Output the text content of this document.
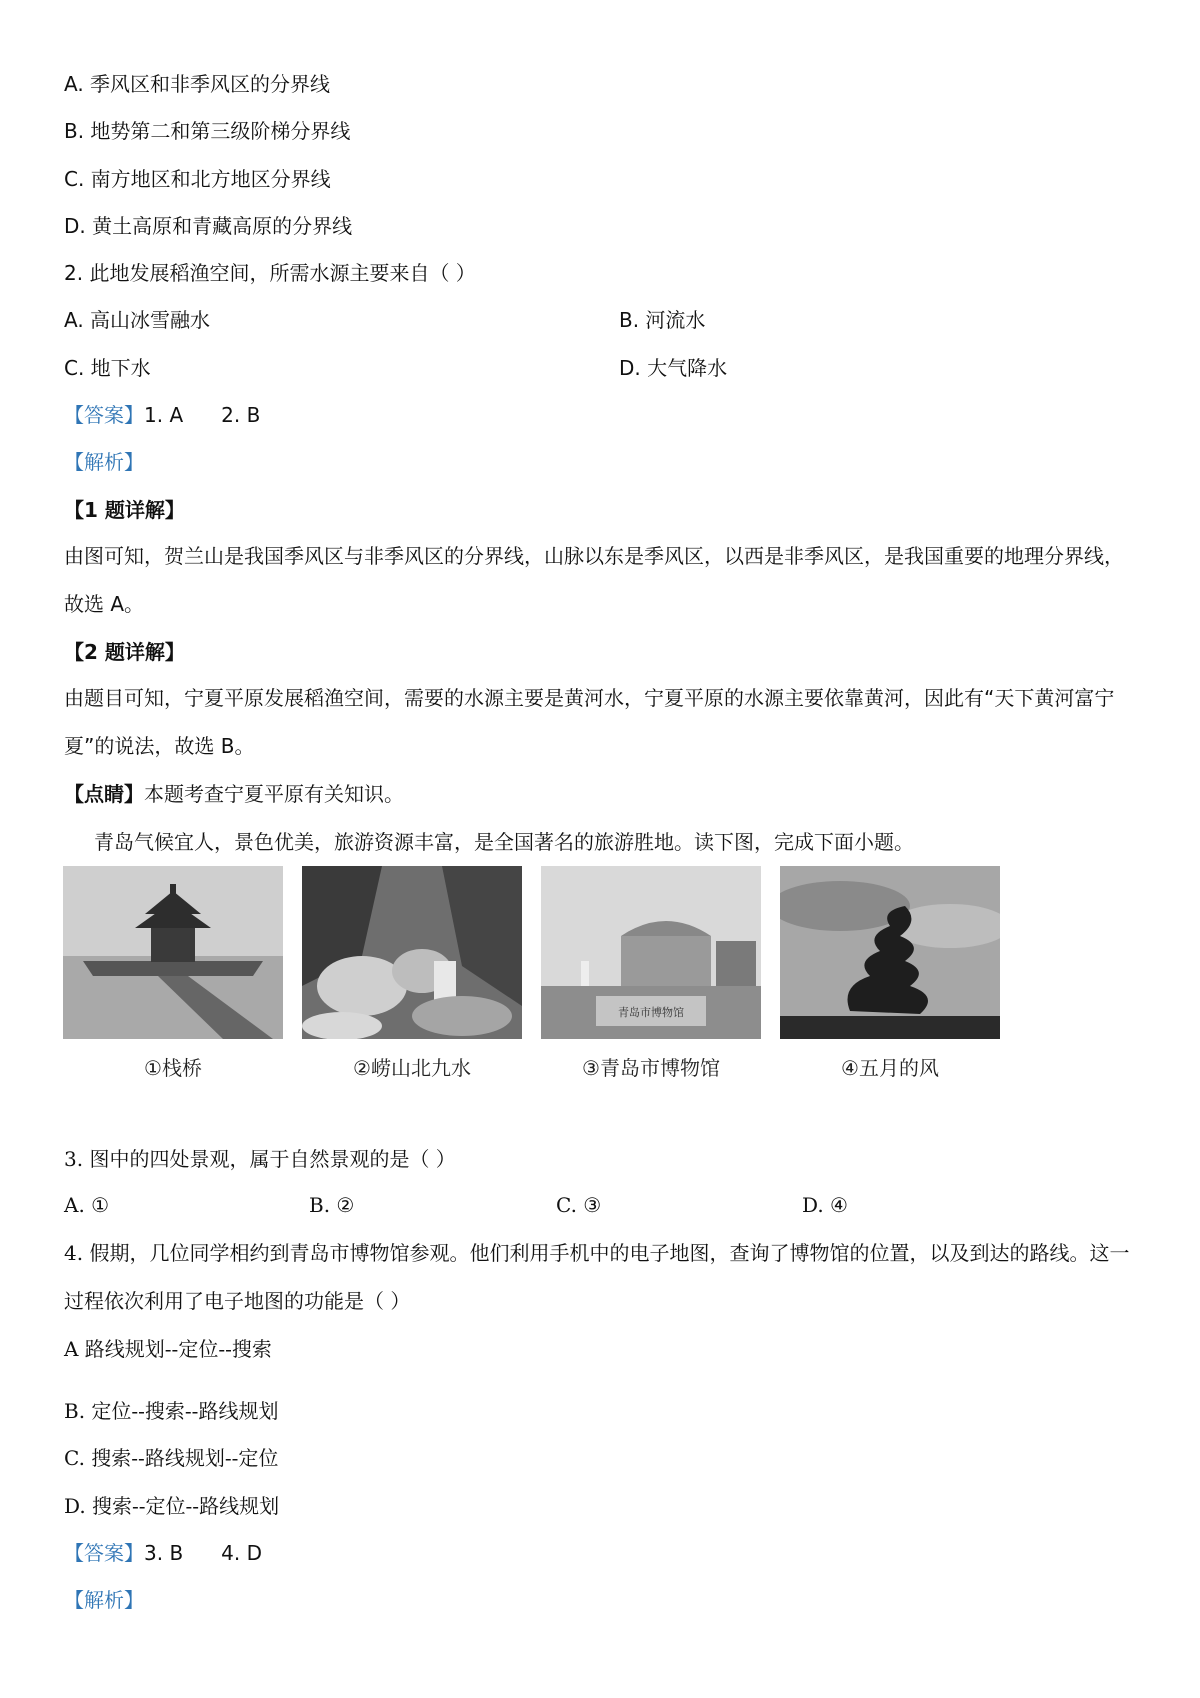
A. 季风区和非季风区的分界线
B. 地势第二和第三级阶梯分界线
C. 南方地区和北方地区分界线
D. 黄土高原和青藏高原的分界线
2. 此地发展稻渔空间，所需水源主要来自（ ）
A. 高山冰雪融水	B. 河流水
C. 地下水	D. 大气降水
【答案】1. A 2. B
【解析】
【1 题详解】
由图可知，贺兰山是我国季风区与非季风区的分界线，山脉以东是季风区，以西是非季风区，是我国重要的地理分界线，故选 A。
【2 题详解】
由题目可知，宁夏平原发展稻渔空间，需要的水源主要是黄河水，宁夏平原的水源主要依靠黄河，因此有“天下黄河富宁夏”的说法，故选 B。
【点睛】本题考查宁夏平原有关知识。
青岛气候宜人，景色优美，旅游资源丰富，是全国著名的旅游胜地。读下图，完成下面小题。
青岛市博物馆
①栈桥	②崂山北九水	③青岛市博物馆	④五月的风
3. 图中的四处景观，属于自然景观的是（ ）
A. ①	B. ②	C. ③	D. ④
4. 假期，几位同学相约到青岛市博物馆参观。他们利用手机中的电子地图，查询了博物馆的位置，以及到达的路线。这一过程依次利用了电子地图的功能是（ ）
A 路线规划--定位--搜索
B. 定位--搜索--路线规划
C. 搜索--路线规划--定位
D. 搜索--定位--路线规划
【答案】3. B 4. D
【解析】
